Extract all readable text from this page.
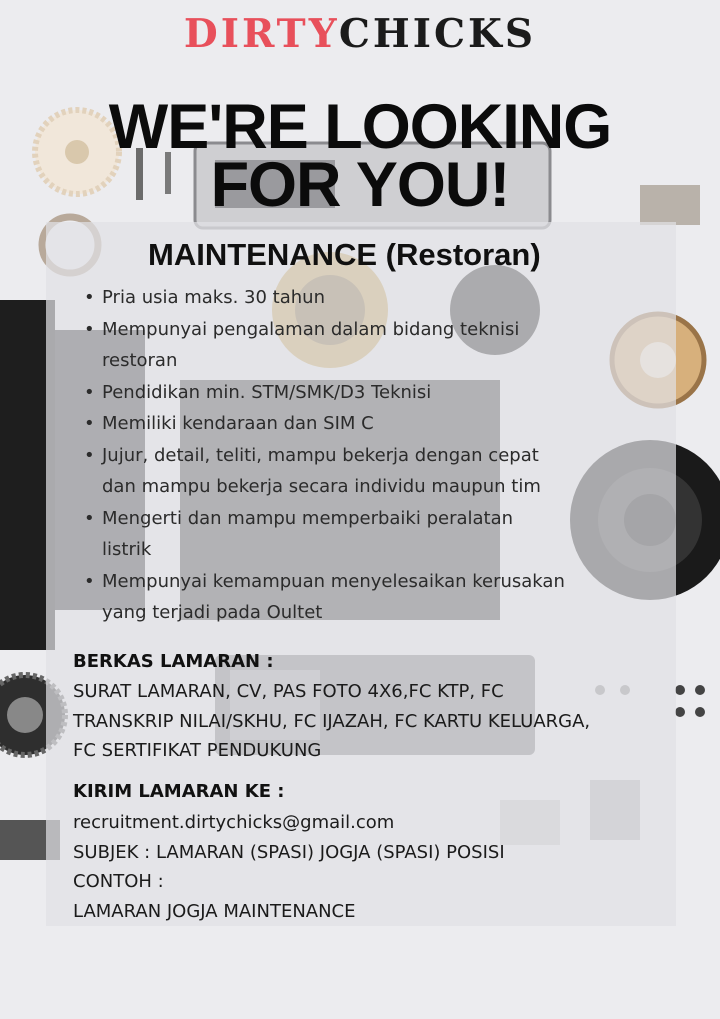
DIRTYCHICKS
WE'RE LOOKING
FOR YOU!
MAINTENANCE (Restoran)
• Pria usia maks. 30 tahun
• Mempunyai pengalaman dalam bidang teknisi
restoran
• Pendidikan min. STM/SMK/D3 Teknisi
• Memiliki kendaraan dan SIM C
• Jujur, detail, teliti, mampu bekerja dengan cepat
dan mampu bekerja secara individu maupun tim
• Mengerti dan mampu memperbaiki peralatan
listrik
• Mempunyai kemampuan menyelesaikan kerusakan
yang terjadi pada Oultet
BERKAS LAMARAN :
SURAT LAMARAN, CV, PAS FOTO 4X6,FC KTP, FC
TRANSKRIP NILAI/SKHU, FC IJAZAH, FC KARTU KELUARGA,
FC SERTIFIKAT PENDUKUNG
KIRIM LAMARAN KE :
recruitment.dirtychicks@gmail.com
SUBJEK : LAMARAN (SPASI) JOGJA (SPASI) POSISI
CONTOH :
LAMARAN JOGJA MAINTENANCE
